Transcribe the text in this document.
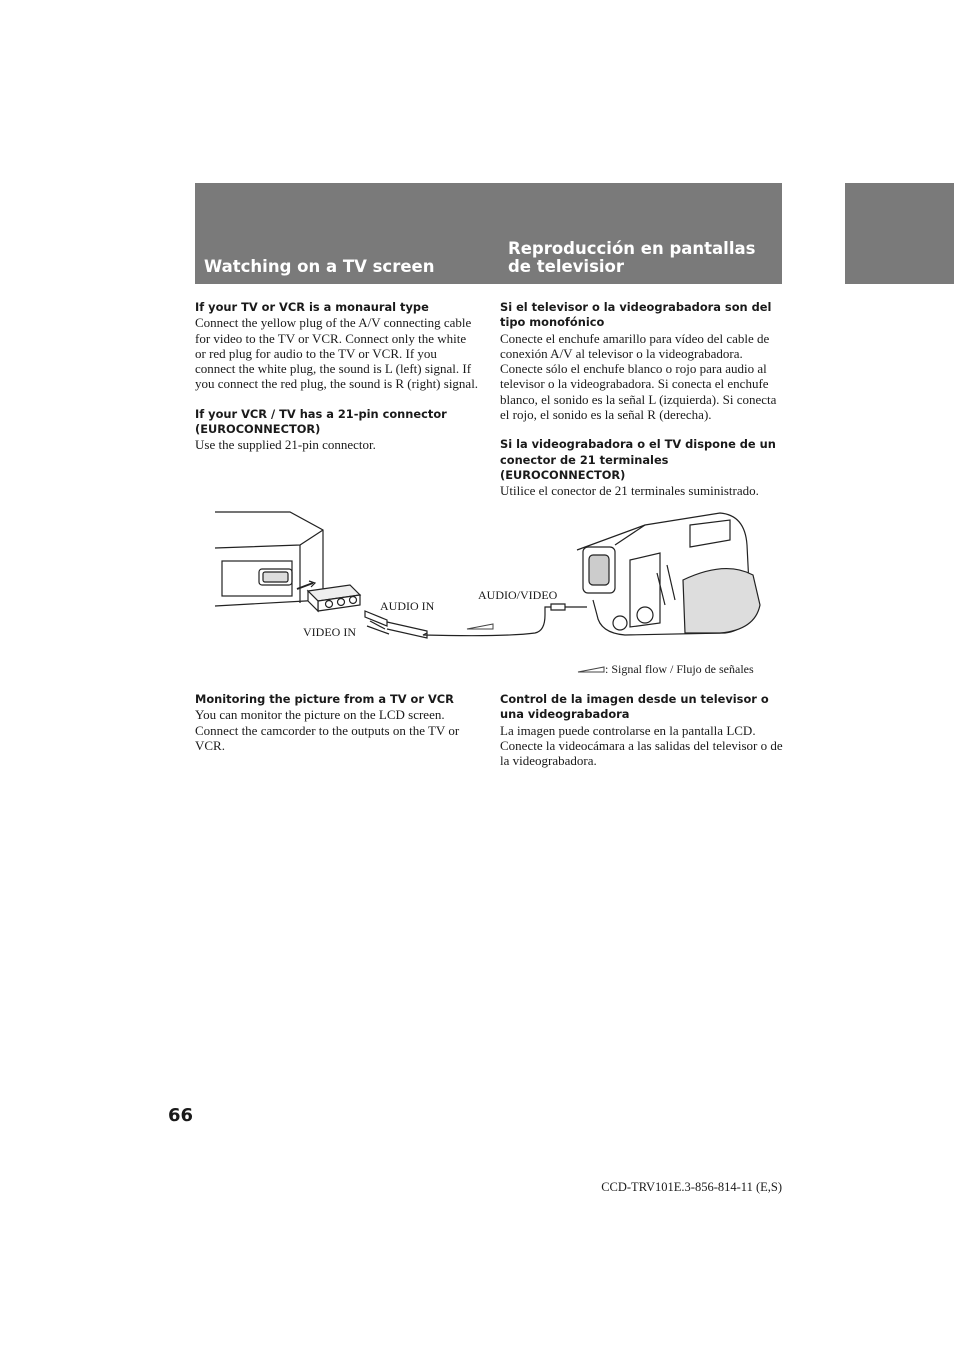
Watching on a TV screen
Reproducción en pantallas de televisior
If your TV or VCR is a monaural type

Connect the yellow plug of the A/V connecting cable for video to the TV or VCR. Connect only the white or red plug for audio to the TV or VCR. If you connect the white plug, the sound is L (left) signal. If you connect the red plug, the sound is R (right) signal.

If your VCR / TV has a 21-pin connector (EUROCONNECTOR)

Use the supplied 21-pin connector.

Si el televisor o la videograbadora son del tipo monofónico

Conecte el enchufe amarillo para vídeo del cable de conexión A/V al televisor o la videograbadora. Conecte sólo el enchufe blanco o rojo para audio al televisor o la videograbadora. Si conecta el enchufe blanco, el sonido es la señal L (izquierda). Si conecta el rojo, el sonido es la señal R (derecha).

Si la videograbadora o el TV dispone de un conector de 21 terminales (EUROCONNECTOR)

Utilice el conector de 21 terminales suministrado.

AUDIO IN
VIDEO IN
AUDIO/VIDEO
: Signal flow / Flujo de señales
Monitoring the picture from a TV or VCR

You can monitor the picture on the LCD screen. Connect the camcorder to the outputs on the TV or VCR.

Control de la imagen desde un televisor o una videograbadora

La imagen puede controlarse en la pantalla LCD. Conecte la videocámara a las salidas del televisor o de la videograbadora.

66
CCD-TRV101E.3-856-814-11 (E,S)
